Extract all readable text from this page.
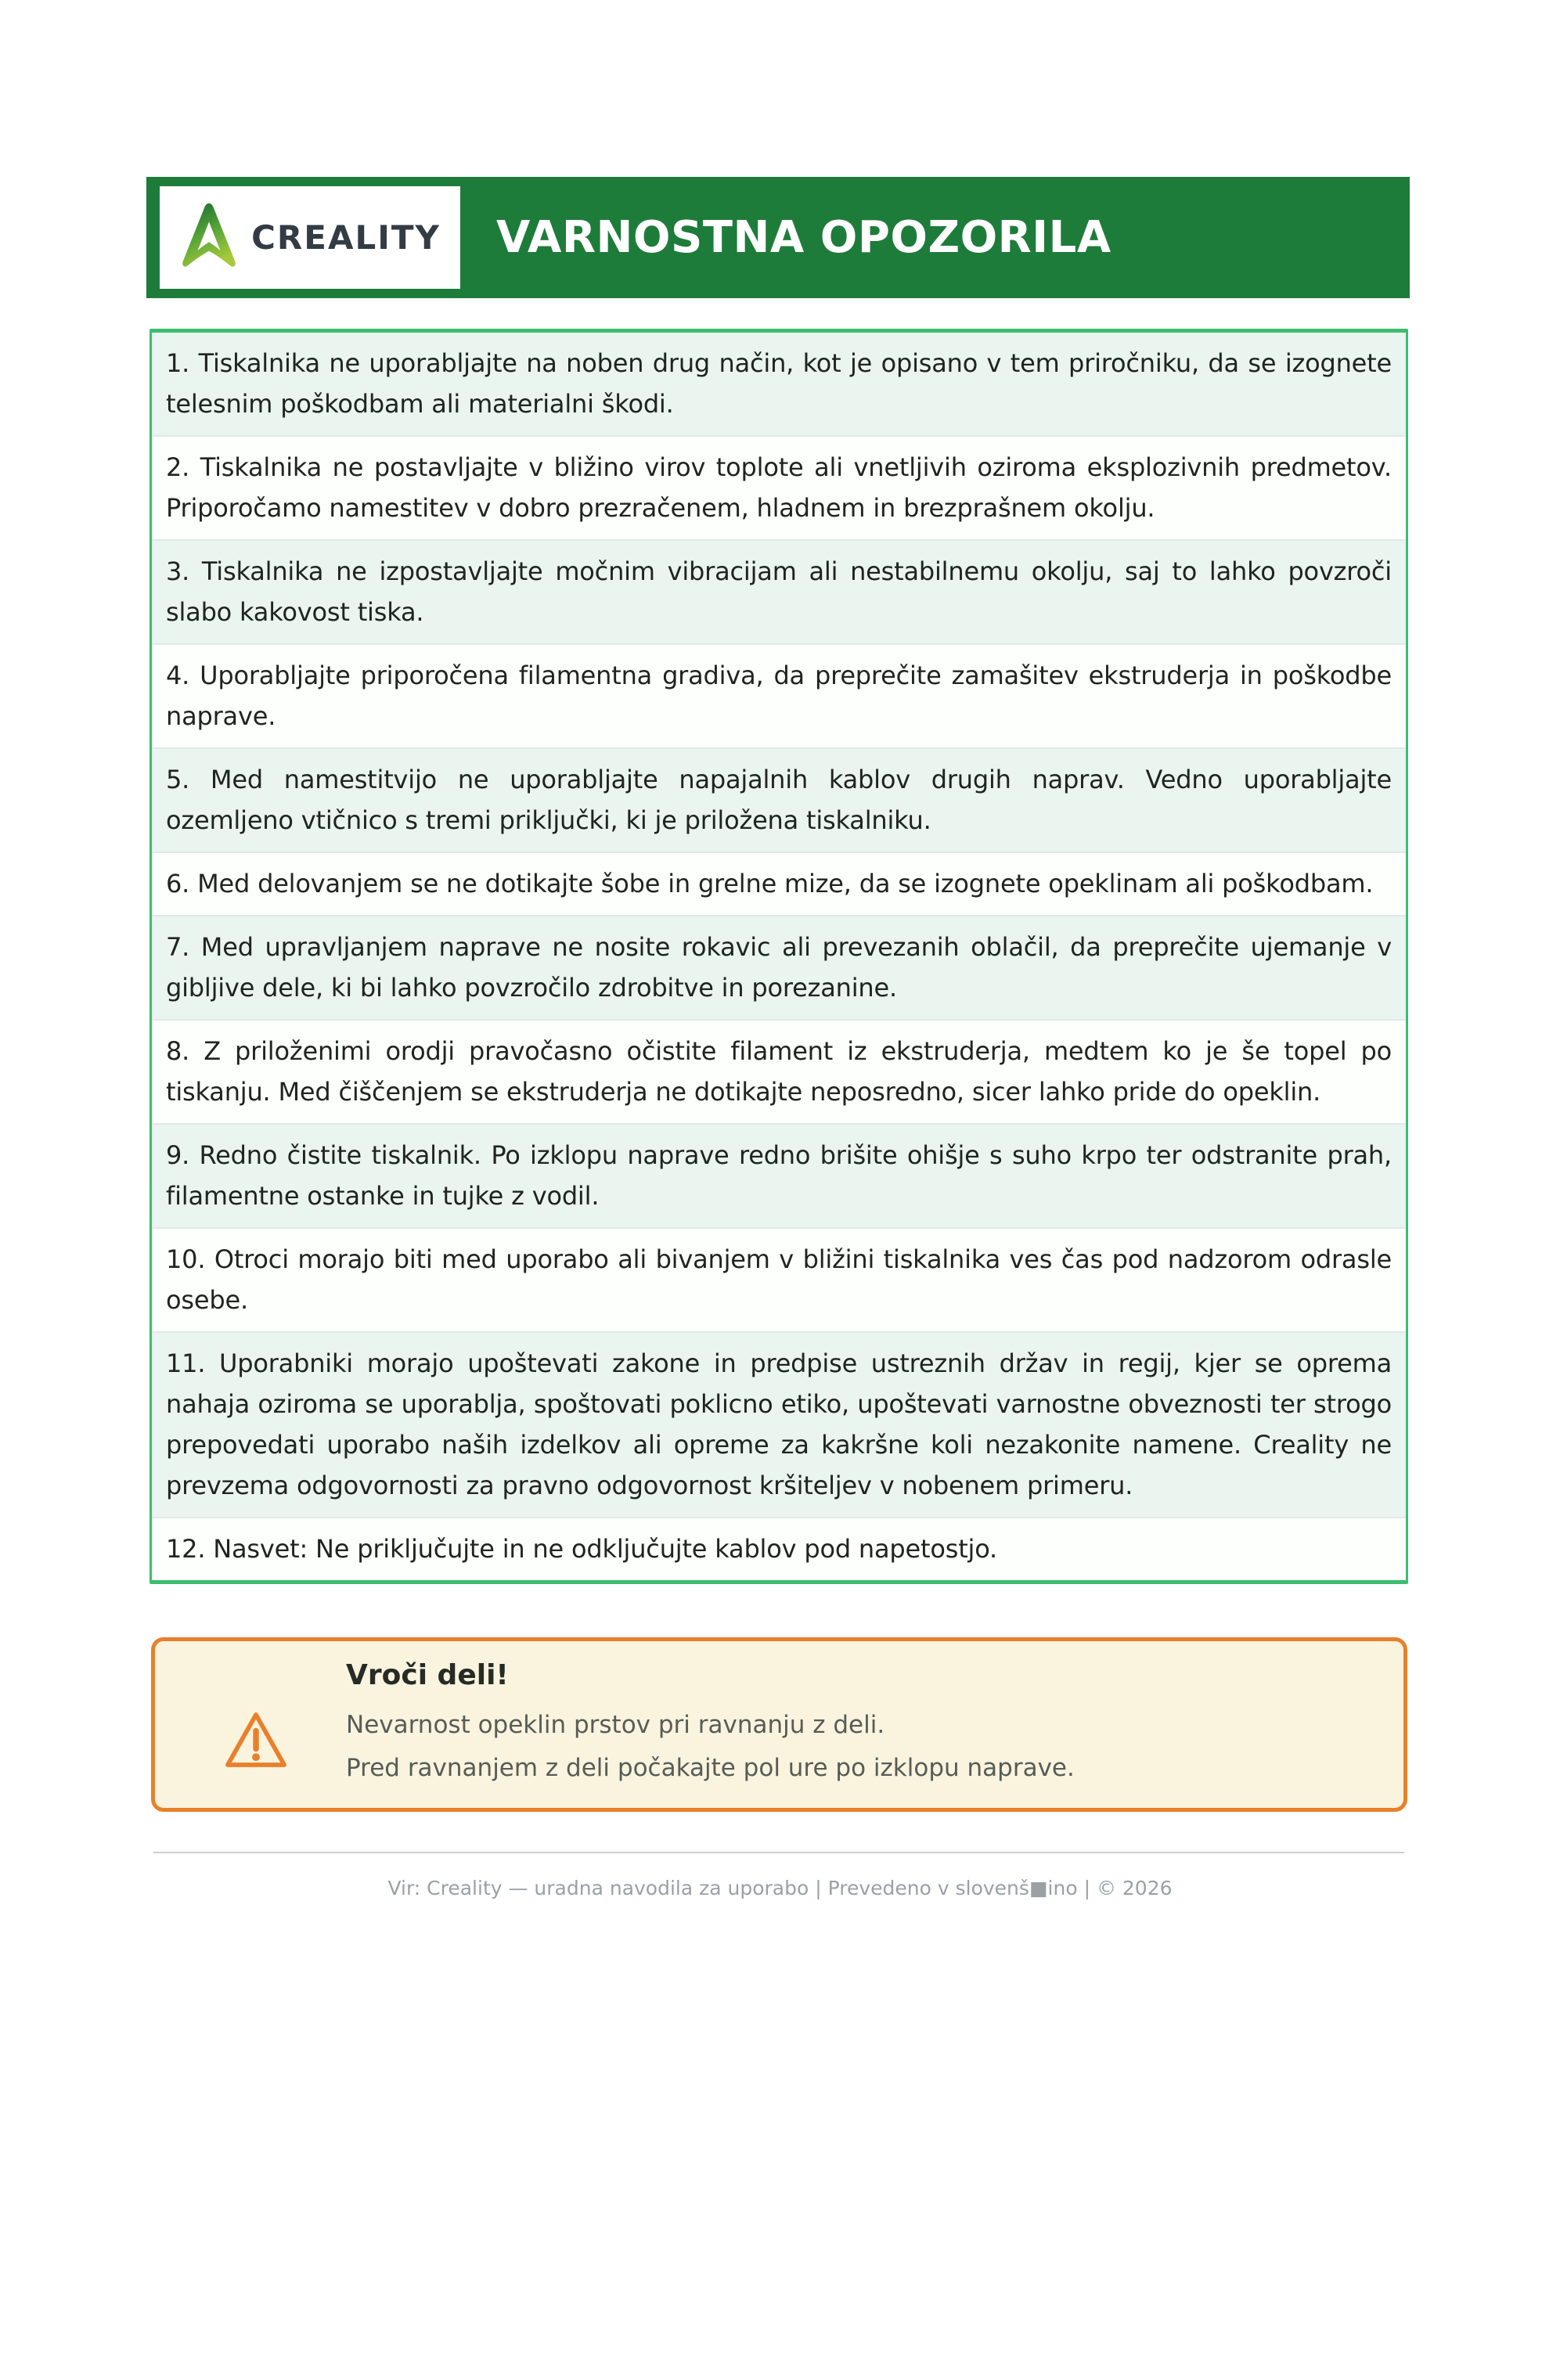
CREALITY VARNOSTNA OPOZORILA
1. Tiskalnika ne uporabljajte na noben drug način, kot je opisano v tem priročniku, da se izognete telesnim poškodbam ali materialni škodi.
2. Tiskalnika ne postavljajte v bližino virov toplote ali vnetljivih oziroma eksplozivnih predmetov. Priporočamo namestitev v dobro prezračenem, hladnem in brezprašnem okolju.
3. Tiskalnika ne izpostavljajte močnim vibracijam ali nestabilnemu okolju, saj to lahko povzroči slabo kakovost tiska.
4. Uporabljajte priporočena filamentna gradiva, da preprečite zamašitev ekstruderja in poškodbe naprave.
5. Med namestitvijo ne uporabljajte napajalnih kablov drugih naprav. Vedno uporabljajte ozemljeno vtičnico s tremi priključki, ki je priložena tiskalniku.
6. Med delovanjem se ne dotikajte šobe in grelne mize, da se izognete opeklinam ali poškodbam.
7. Med upravljanjem naprave ne nosite rokavic ali prevezanih oblačil, da preprečite ujemanje v gibljive dele, ki bi lahko povzročilo zdrobitve in porezanine.
8. Z priloženimi orodji pravočasno očistite filament iz ekstruderja, medtem ko je še topel po tiskanju. Med čiščenjem se ekstruderja ne dotikajte neposredno, sicer lahko pride do opeklin.
9. Redno čistite tiskalnik. Po izklopu naprave redno brišite ohišje s suho krpo ter odstranite prah, filamentne ostanke in tujke z vodil.
10. Otroci morajo biti med uporabo ali bivanjem v bližini tiskalnika ves čas pod nadzorom odrasle osebe.
11. Uporabniki morajo upoštevati zakone in predpise ustreznih držav in regij, kjer se oprema nahaja oziroma se uporablja, spoštovati poklicno etiko, upoštevati varnostne obveznosti ter strogo prepovedati uporabo naših izdelkov ali opreme za kakršne koli nezakonite namene. Creality ne prevzema odgovornosti za pravno odgovornost kršiteljev v nobenem primeru.
12. Nasvet: Ne priključujte in ne odključujte kablov pod napetostjo.
Vroči deli!
Nevarnost opeklin prstov pri ravnanju z deli.
Pred ravnanjem z deli počakajte pol ure po izklopu naprave.
Vir: Creality — uradna navodila za uporabo | Prevedeno v slovenš■ino | © 2026
